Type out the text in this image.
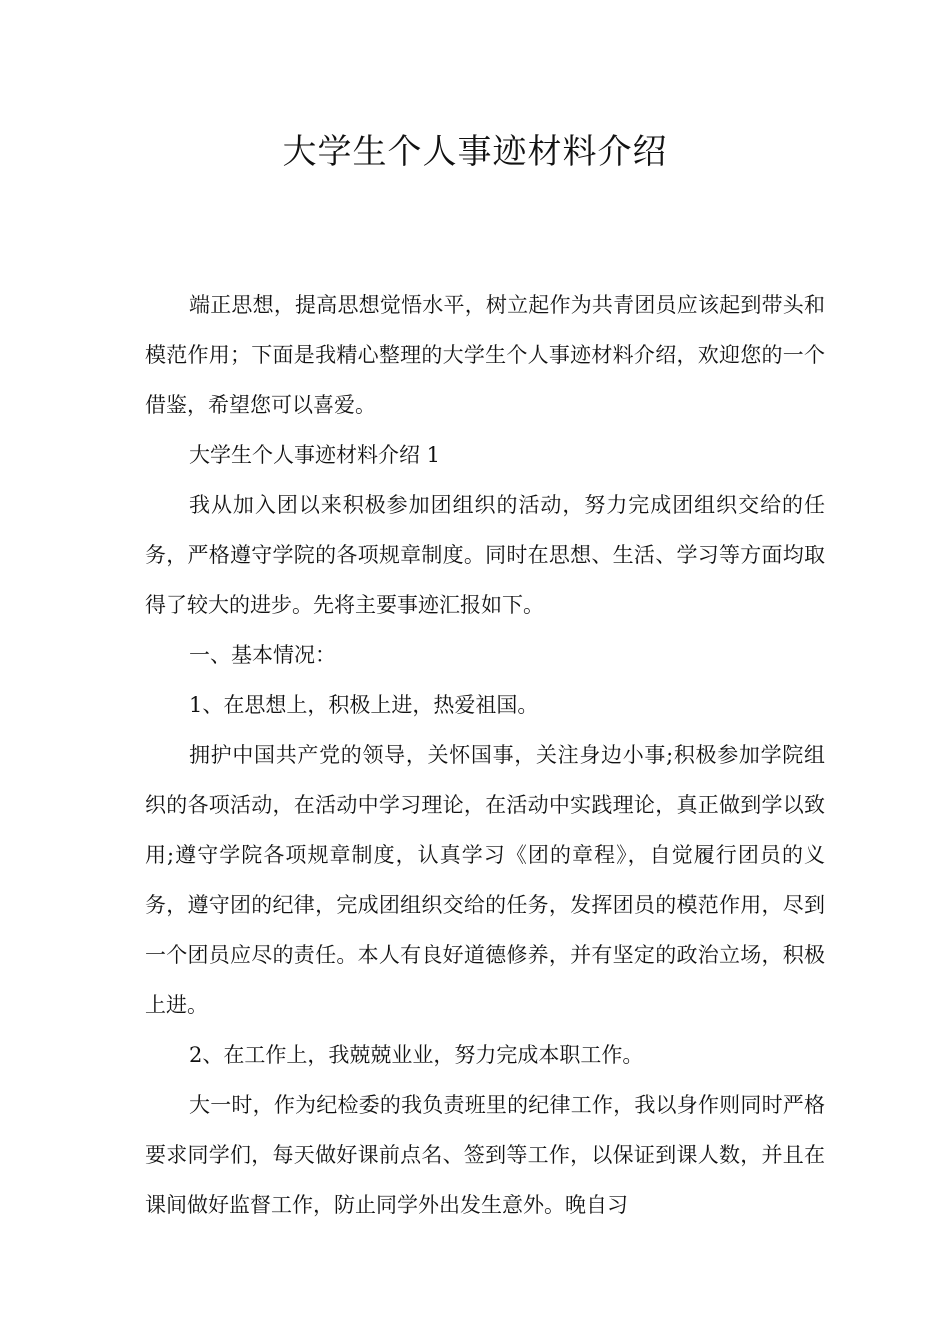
大学生个人事迹材料介绍

端正思想，提高思想觉悟水平，树立起作为共青团员应该起到带头和模范作用；下面是我精心整理的大学生个人事迹材料介绍，欢迎您的一个借鉴，希望您可以喜爱。

大学生个人事迹材料介绍 1

我从加入团以来积极参加团组织的活动，努力完成团组织交给的任务，严格遵守学院的各项规章制度。同时在思想、生活、学习等方面均取得了较大的进步。先将主要事迹汇报如下。

一、基本情况：

1、在思想上，积极上进，热爱祖国。

拥护中国共产党的领导，关怀国事，关注身边小事;积极参加学院组织的各项活动，在活动中学习理论，在活动中实践理论，真正做到学以致用;遵守学院各项规章制度，认真学习《团的章程》，自觉履行团员的义务，遵守团的纪律，完成团组织交给的任务，发挥团员的模范作用，尽到一个团员应尽的责任。本人有良好道德修养，并有坚定的政治立场，积极上进。

2、在工作上，我兢兢业业，努力完成本职工作。

大一时，作为纪检委的我负责班里的纪律工作，我以身作则同时严格要求同学们，每天做好课前点名、签到等工作，以保证到课人数，并且在课间做好监督工作，防止同学外出发生意外。晚自习
